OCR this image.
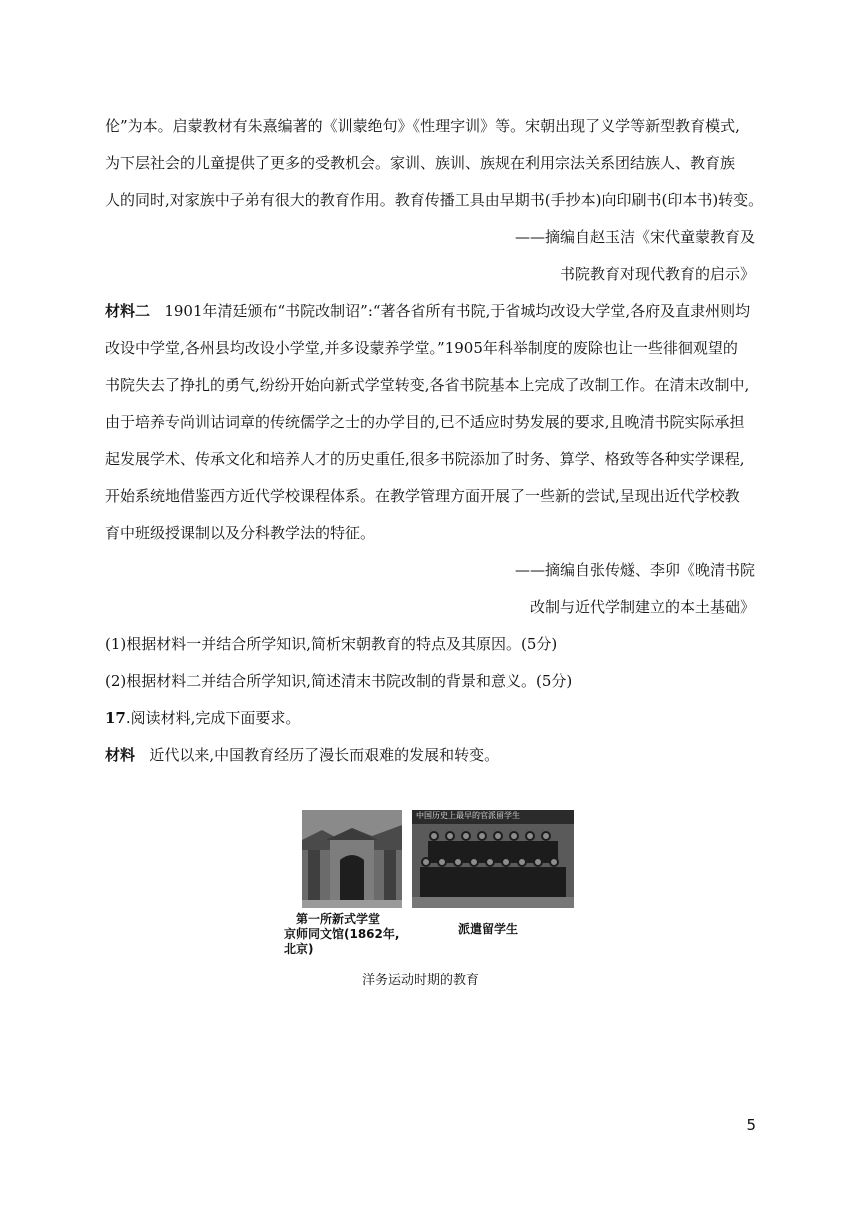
伦”为本。启蒙教材有朱熹编著的《训蒙绝句》《性理字训》等。宋朝出现了义学等新型教育模式,
为下层社会的儿童提供了更多的受教机会。家训、族训、族规在利用宗法关系团结族人、教育族
人的同时,对家族中子弟有很大的教育作用。教育传播工具由早期书(手抄本)向印刷书(印本书)转变。
——摘编自赵玉洁《宋代童蒙教育及
书院教育对现代教育的启示》
材料二 1901年清廷颁布“书院改制诏”:“著各省所有书院,于省城均改设大学堂,各府及直隶州则均
改设中学堂,各州县均改设小学堂,并多设蒙养学堂。”1905年科举制度的废除也让一些徘徊观望的
书院失去了挣扎的勇气,纷纷开始向新式学堂转变,各省书院基本上完成了改制工作。在清末改制中,
由于培养专尚训诂词章的传统儒学之士的办学目的,已不适应时势发展的要求,且晚清书院实际承担
起发展学术、传承文化和培养人才的历史重任,很多书院添加了时务、算学、格致等各种实学课程,
开始系统地借鉴西方近代学校课程体系。在教学管理方面开展了一些新的尝试,呈现出近代学校教
育中班级授课制以及分科教学法的特征。
——摘编自张传燧、李卯《晚清书院
改制与近代学制建立的本土基础》
(1)根据材料一并结合所学知识,简析宋朝教育的特点及其原因。(5分)
(2)根据材料二并结合所学知识,简述清末书院改制的背景和意义。(5分)
17.阅读材料,完成下面要求。
材料 近代以来,中国教育经历了漫长而艰难的发展和转变。
中国历史上最早的官派留学生
第一所新式学堂
京师同文馆(1862年,
北京)
派遣留学生
洋务运动时期的教育
5
